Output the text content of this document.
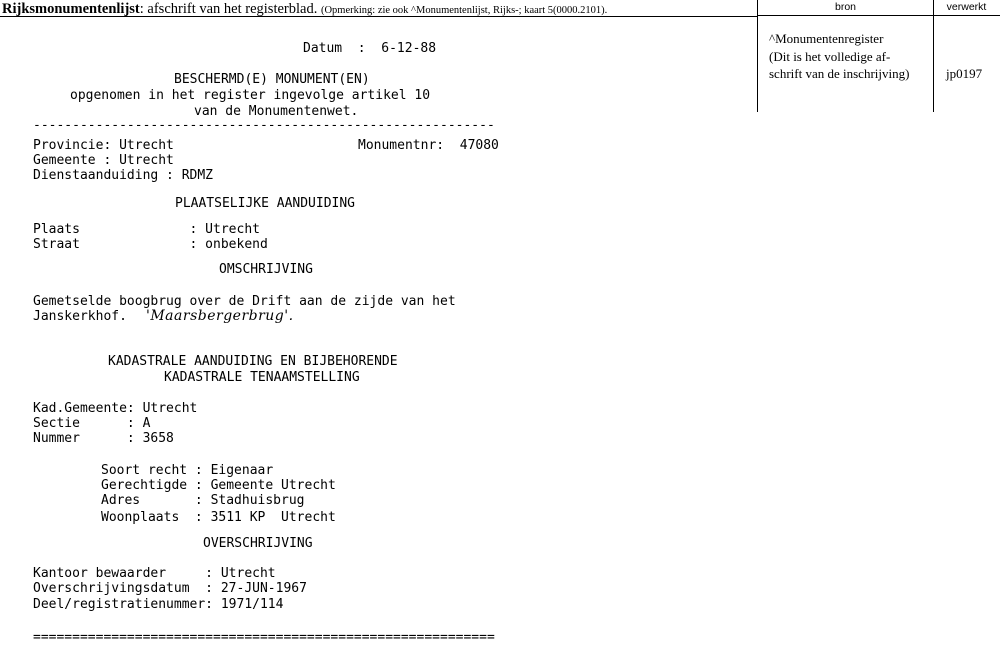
Rijksmonumentenlijst: afschrift van het registerblad. (Opmerking: zie ook ^Monumentenlijst, Rijks-; kaart 5(0000.2101).	bron	verwerkt
^Monumentenregister
(Dit is het volledige af-
schrift van de inschrijving)	jp0197

Datum  :  6-12-88

BESCHERMD(E) MONUMENT(EN)

opgenomen in het register ingevolge artikel 10

van de Monumentenwet.

-----------------------------------------------------------

Provincie: Utrecht

	Monumentnr:  47080

Gemeente : Utrecht

Dienstaanduiding : RDMZ

PLAATSELIJKE AANDUIDING

Plaats              : Utrecht

Straat              : onbekend

OMSCHRIJVING

Gemetselde boogbrug over de Drift aan de zijde van het

Janskerkhof.

'Maarsbergerbrug'.

KADASTRALE AANDUIDING EN BIJBEHORENDE

KADASTRALE TENAAMSTELLING

Kad.Gemeente: Utrecht

Sectie      : A

Nummer      : 3658

Soort recht : Eigenaar

Gerechtigde : Gemeente Utrecht

Adres       : Stadhuisbrug

Woonplaats  : 3511 KP  Utrecht

OVERSCHRIJVING

Kantoor bewaarder     : Utrecht

Overschrijvingsdatum  : 27-JUN-1967

Deel/registratienummer: 1971/114

===========================================================
